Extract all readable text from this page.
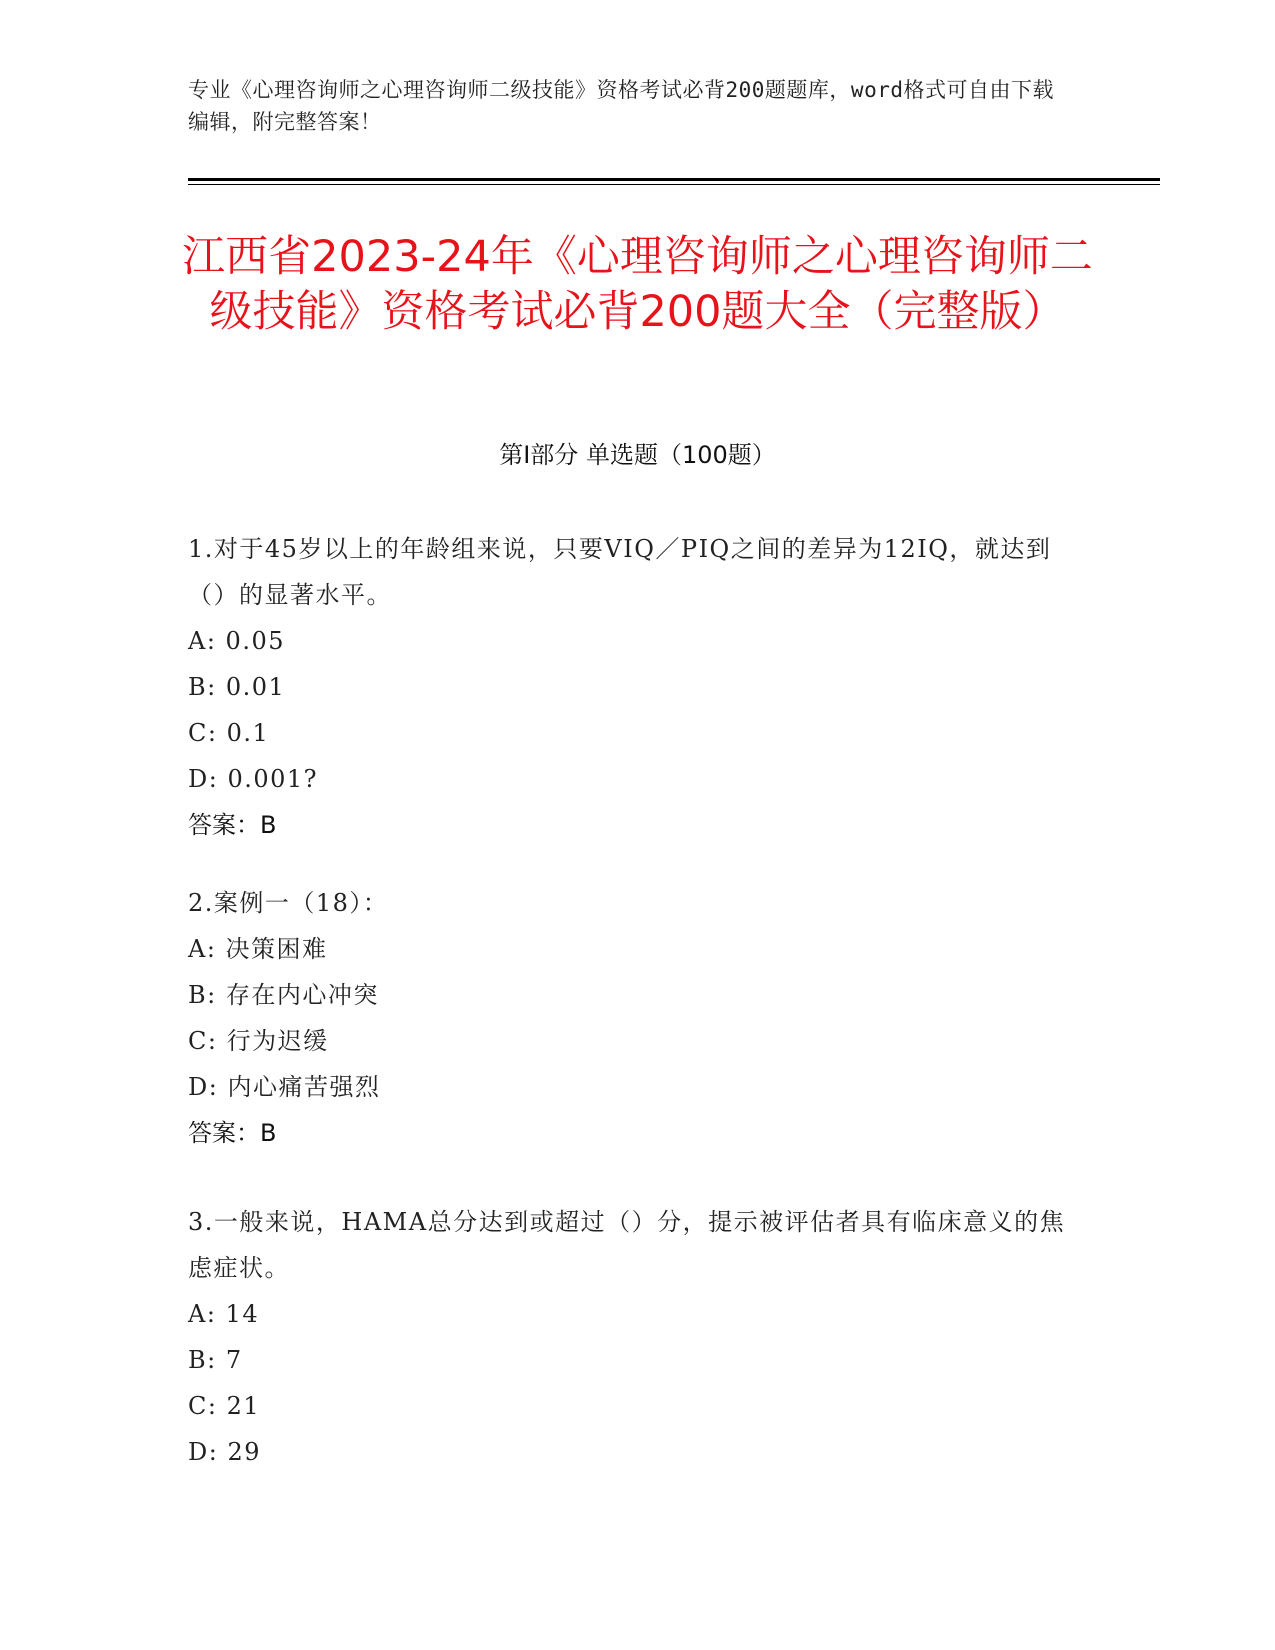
专业《心理咨询师之心理咨询师二级技能》资格考试必背200题题库，word格式可自由下载编辑，附完整答案！
江西省2023-24年《心理咨询师之心理咨询师二级技能》资格考试必背200题大全（完整版）
第I部分 单选题（100题）
1.对于45岁以上的年龄组来说，只要VIQ／PIQ之间的差异为12IQ，就达到（）的显著水平。
A: 0.05
B: 0.01
C: 0.1
D: 0.001?
答案：B
2.案例一（18）：
A: 决策困难
B: 存在内心冲突
C: 行为迟缓
D: 内心痛苦强烈
答案：B
3.一般来说，HAMA总分达到或超过（）分，提示被评估者具有临床意义的焦虑症状。
A: 14
B: 7
C: 21
D: 29
